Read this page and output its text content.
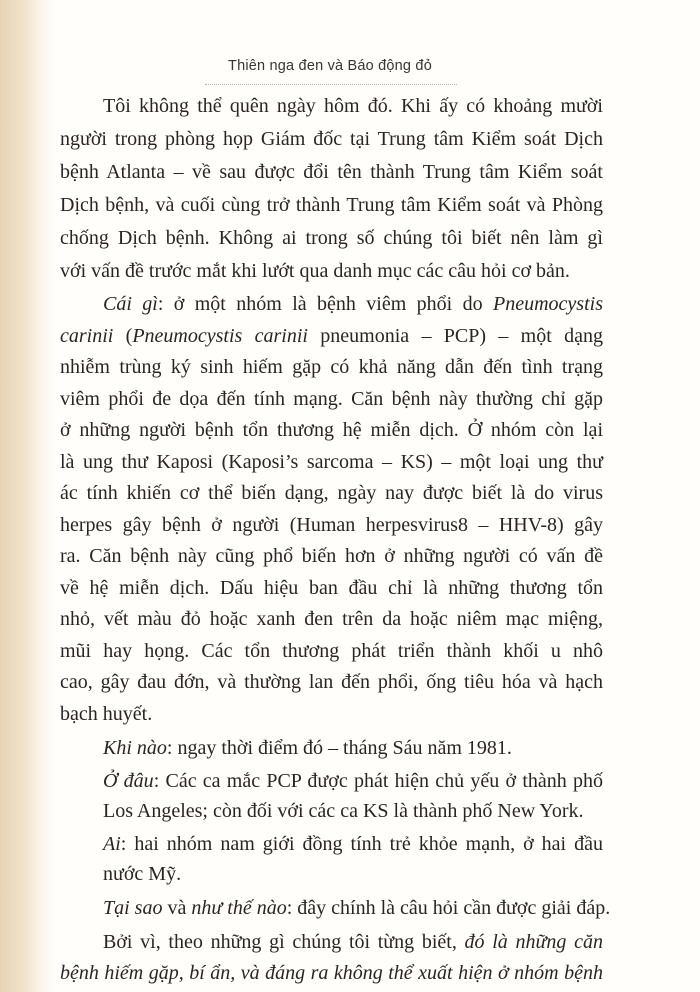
Thiên nga đen và Báo động đỏ
Tôi không thể quên ngày hôm đó. Khi ấy có khoảng mười
người trong phòng họp Giám đốc tại Trung tâm Kiểm soát Dịch
bệnh Atlanta – về sau được đổi tên thành Trung tâm Kiểm soát
Dịch bệnh, và cuối cùng trở thành Trung tâm Kiểm soát và Phòng
chống Dịch bệnh. Không ai trong số chúng tôi biết nên làm gì
với vấn đề trước mắt khi lướt qua danh mục các câu hỏi cơ bản.
Cái gì: ở một nhóm là bệnh viêm phổi do Pneumocystis
carinii (Pneumocystis carinii pneumonia – PCP) – một dạng
nhiễm trùng ký sinh hiếm gặp có khả năng dẫn đến tình trạng
viêm phổi đe dọa đến tính mạng. Căn bệnh này thường chỉ gặp
ở những người bệnh tổn thương hệ miễn dịch. Ở nhóm còn lại
là ung thư Kaposi (Kaposi’s sarcoma – KS) – một loại ung thư
ác tính khiến cơ thể biến dạng, ngày nay được biết là do virus
herpes gây bệnh ở người (Human herpesvirus8 – HHV-8) gây
ra. Căn bệnh này cũng phổ biến hơn ở những người có vấn đề
về hệ miễn dịch. Dấu hiệu ban đầu chỉ là những thương tổn
nhỏ, vết màu đỏ hoặc xanh đen trên da hoặc niêm mạc miệng,
mũi hay họng. Các tổn thương phát triển thành khối u nhô
cao, gây đau đớn, và thường lan đến phổi, ống tiêu hóa và hạch
bạch huyết.
Khi nào: ngay thời điểm đó – tháng Sáu năm 1981.
Ở đâu: Các ca mắc PCP được phát hiện chủ yếu ở thành phố
Los Angeles; còn đối với các ca KS là thành phố New York.
Ai: hai nhóm nam giới đồng tính trẻ khỏe mạnh, ở hai đầu
nước Mỹ.
Tại sao và như thế nào: đây chính là câu hỏi cần được giải đáp.
Bởi vì, theo những gì chúng tôi từng biết, đó là những căn
bệnh hiếm gặp, bí ẩn, và đáng ra không thể xuất hiện ở nhóm bệnh
